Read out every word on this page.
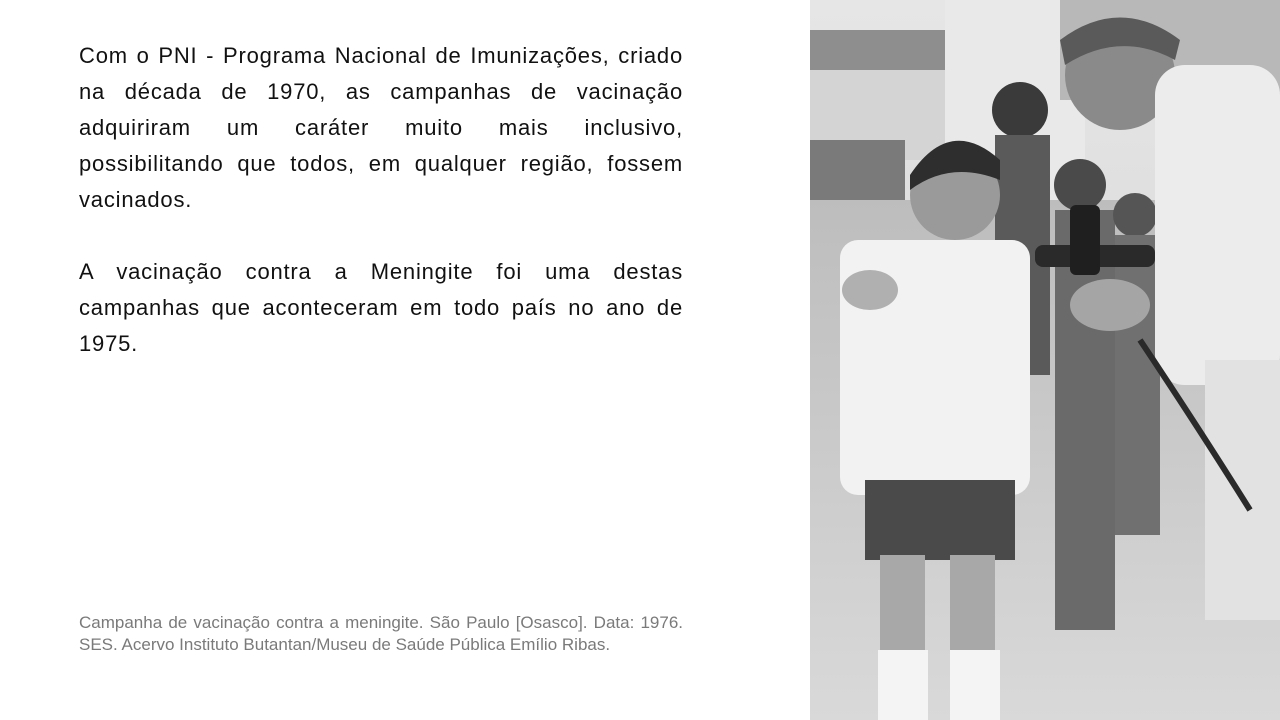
Com o PNI - Programa Nacional de Imunizações, criado na década de 1970, as campanhas de vacinação adquiriram um caráter muito mais inclusivo, possibilitando que todos, em qualquer região, fossem vacinados.

A vacinação contra a Meningite foi uma destas campanhas que aconteceram em todo país no ano de 1975.

Campanha de vacinação contra a meningite. São Paulo [Osasco]. Data: 1976. SES. Acervo Instituto Butantan/Museu de Saúde Pública Emílio Ribas.
